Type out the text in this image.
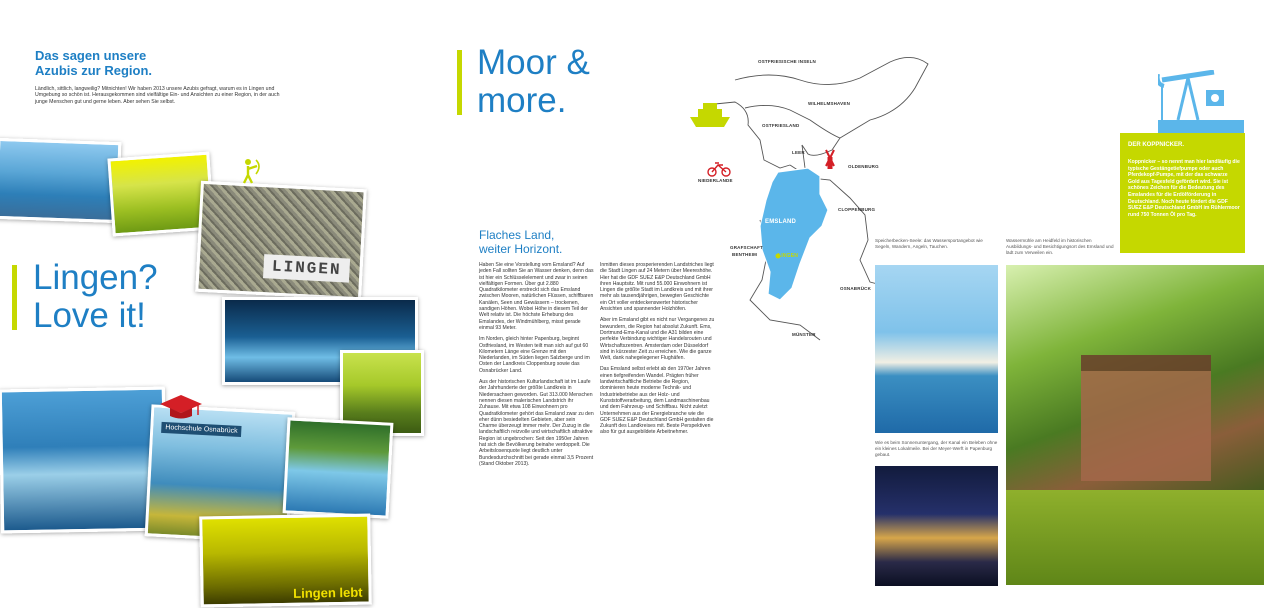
Das sagen unsere
Azubis zur Region.
Ländlich, sittlich, langweilig? Mitnichten! Wir haben 2013 unsere Azubis gefragt, warum es in Lingen und Umgebung so schön ist. Herausgekommen sind vielfältige Ein- und Ansichten zu einer Region, in der auch junge Menschen gut und gerne leben. Aber sehen Sie selbst.
Lingen?
Love it!
LINGEN
Hochschule Osnabrück
Lingen lebt
Moor &
more.
Flaches Land,
weiter Horizont.

Haben Sie eine Vorstellung vom Emsland? Auf jeden Fall sollten Sie an Wasser denken, denn das ist hier ein Schlüsselelement und zwar in seinen vielfältigen Formen. Über gut 2.880 Quadratkilometer erstreckt sich das Emsland zwischen Mooren, natürlichen Flüssen, schiffbaren Kanälen, Seen und Gewässern – trockenen, sandigen Höhen. Wobei Höhe in diesem Teil der Welt relativ ist. Die höchste Erhebung des Emslandes, der Windmühlberg, misst gerade einmal 93 Meter.

Im Norden, gleich hinter Papenburg, beginnt Ostfriesland, im Westen teilt man sich auf gut 60 Kilometern Länge eine Grenze mit den Niederlanden, im Süden liegen Salzberge und im Osten der Landkreis Cloppenburg sowie das Osnabrücker Land.

Aus der historischen Kulturlandschaft ist im Laufe der Jahrhunderte der größte Landkreis in Niedersachsen geworden. Gut 313.000 Menschen nennen diesen malerischen Landstrich ihr Zuhause. Mit etwa 108 Einwohnern pro Quadratkilometer gehört das Emsland zwar zu den eher dünn besiedelten Gebieten, aber sein Charme überzeugt immer mehr. Der Zuzug in die landschaftlich reizvolle und wirtschaftlich attraktive Region ist ungebrochen: Seit den 1950er Jahren hat sich die Bevölkerung beinahe verdoppelt. Die Arbeitslosenquote liegt deutlich unter Bundesdurchschnitt bei gerade einmal 3,5 Prozent (Stand Oktober 2013).

Inmitten dieses prosperierenden Landstriches liegt die Stadt Lingen auf 24 Metern über Meereshöhe. Hier hat die GDF SUEZ E&P Deutschland GmbH ihren Hauptsitz. Mit rund 55.000 Einwohnern ist Lingen die größte Stadt im Landkreis und mit ihrer mehr als tausendjährigen, bewegten Geschichte ein Ort voller entdeckenswerter historischer Ansichten und spannender Holzhöfen.

Aber im Emsland gibt es nicht nur Vergangenes zu bewundern, die Region hat absolut Zukunft. Ems, Dortmund-Ems-Kanal und die A31 bilden eine perfekte Verbindung wichtiger Handelsrouten und Wirtschaftszentren. Amsterdam oder Düsseldorf sind in kürzester Zeit zu erreichen. Wie die ganze Welt, dank nahegelegener Flughäfen.

Das Emsland selbst erlebt ab den 1970er Jahren einen tiefgreifenden Wandel. Prägten früher landwirtschaftliche Betriebe die Region, dominieren heute moderne Technik- und Industriebetriebe aus der Holz- und Kunststoffverarbeitung, dem Landmaschinenbau und dem Fahrzeug- und Schiffbau. Nicht zuletzt Unternehmen aus der Energiebranche wie die GDF SUEZ E&P Deutschland GmbH gestalten die Zukunft des Landkreises mit. Beste Perspektiven also für gut ausgebildete Arbeitnehmer.

OSTFRIESISCHE INSELN
WILHELMSHAVEN
OSTFRIESLAND
LEER
OLDENBURG
NIEDERLANDE
CLOPPENBURG
EMSLAND
LINGEN
GRAFSCHAFT
BENTHEIM
OSNABRÜCK
MÜNSTER
DER KOPPNICKER.
Koppnicker – so nennt man hier landläufig die typische Gestängetiefpumpe oder auch Pferdekopf-Pumpe, mit der das schwarze Gold aus Tagesfeld gefördert wird. Sie ist schönes Zeichen für die Bedeutung des Emslandes für die Erdölförderung in Deutschland. Noch heute fördert die GDF SUEZ E&P Deutschland GmbH im Rühlermoor rund 750 Tonnen Öl pro Tag.
Speicherbecken-Seele: das Wassersportangebot wie Segeln, Wandern, Angeln, Tauchen.
Wassermühle am Heidfeld im historischen Ausbildungs- und Besichtigungsort des Emsland und lädt zum Verweilen ein.
Wie es beim Sonnenuntergang, der Kanal ein Beleben ohne ein kleines Lokalmeile. Bei der Meyer-Werft in Papenburg gebaut.
